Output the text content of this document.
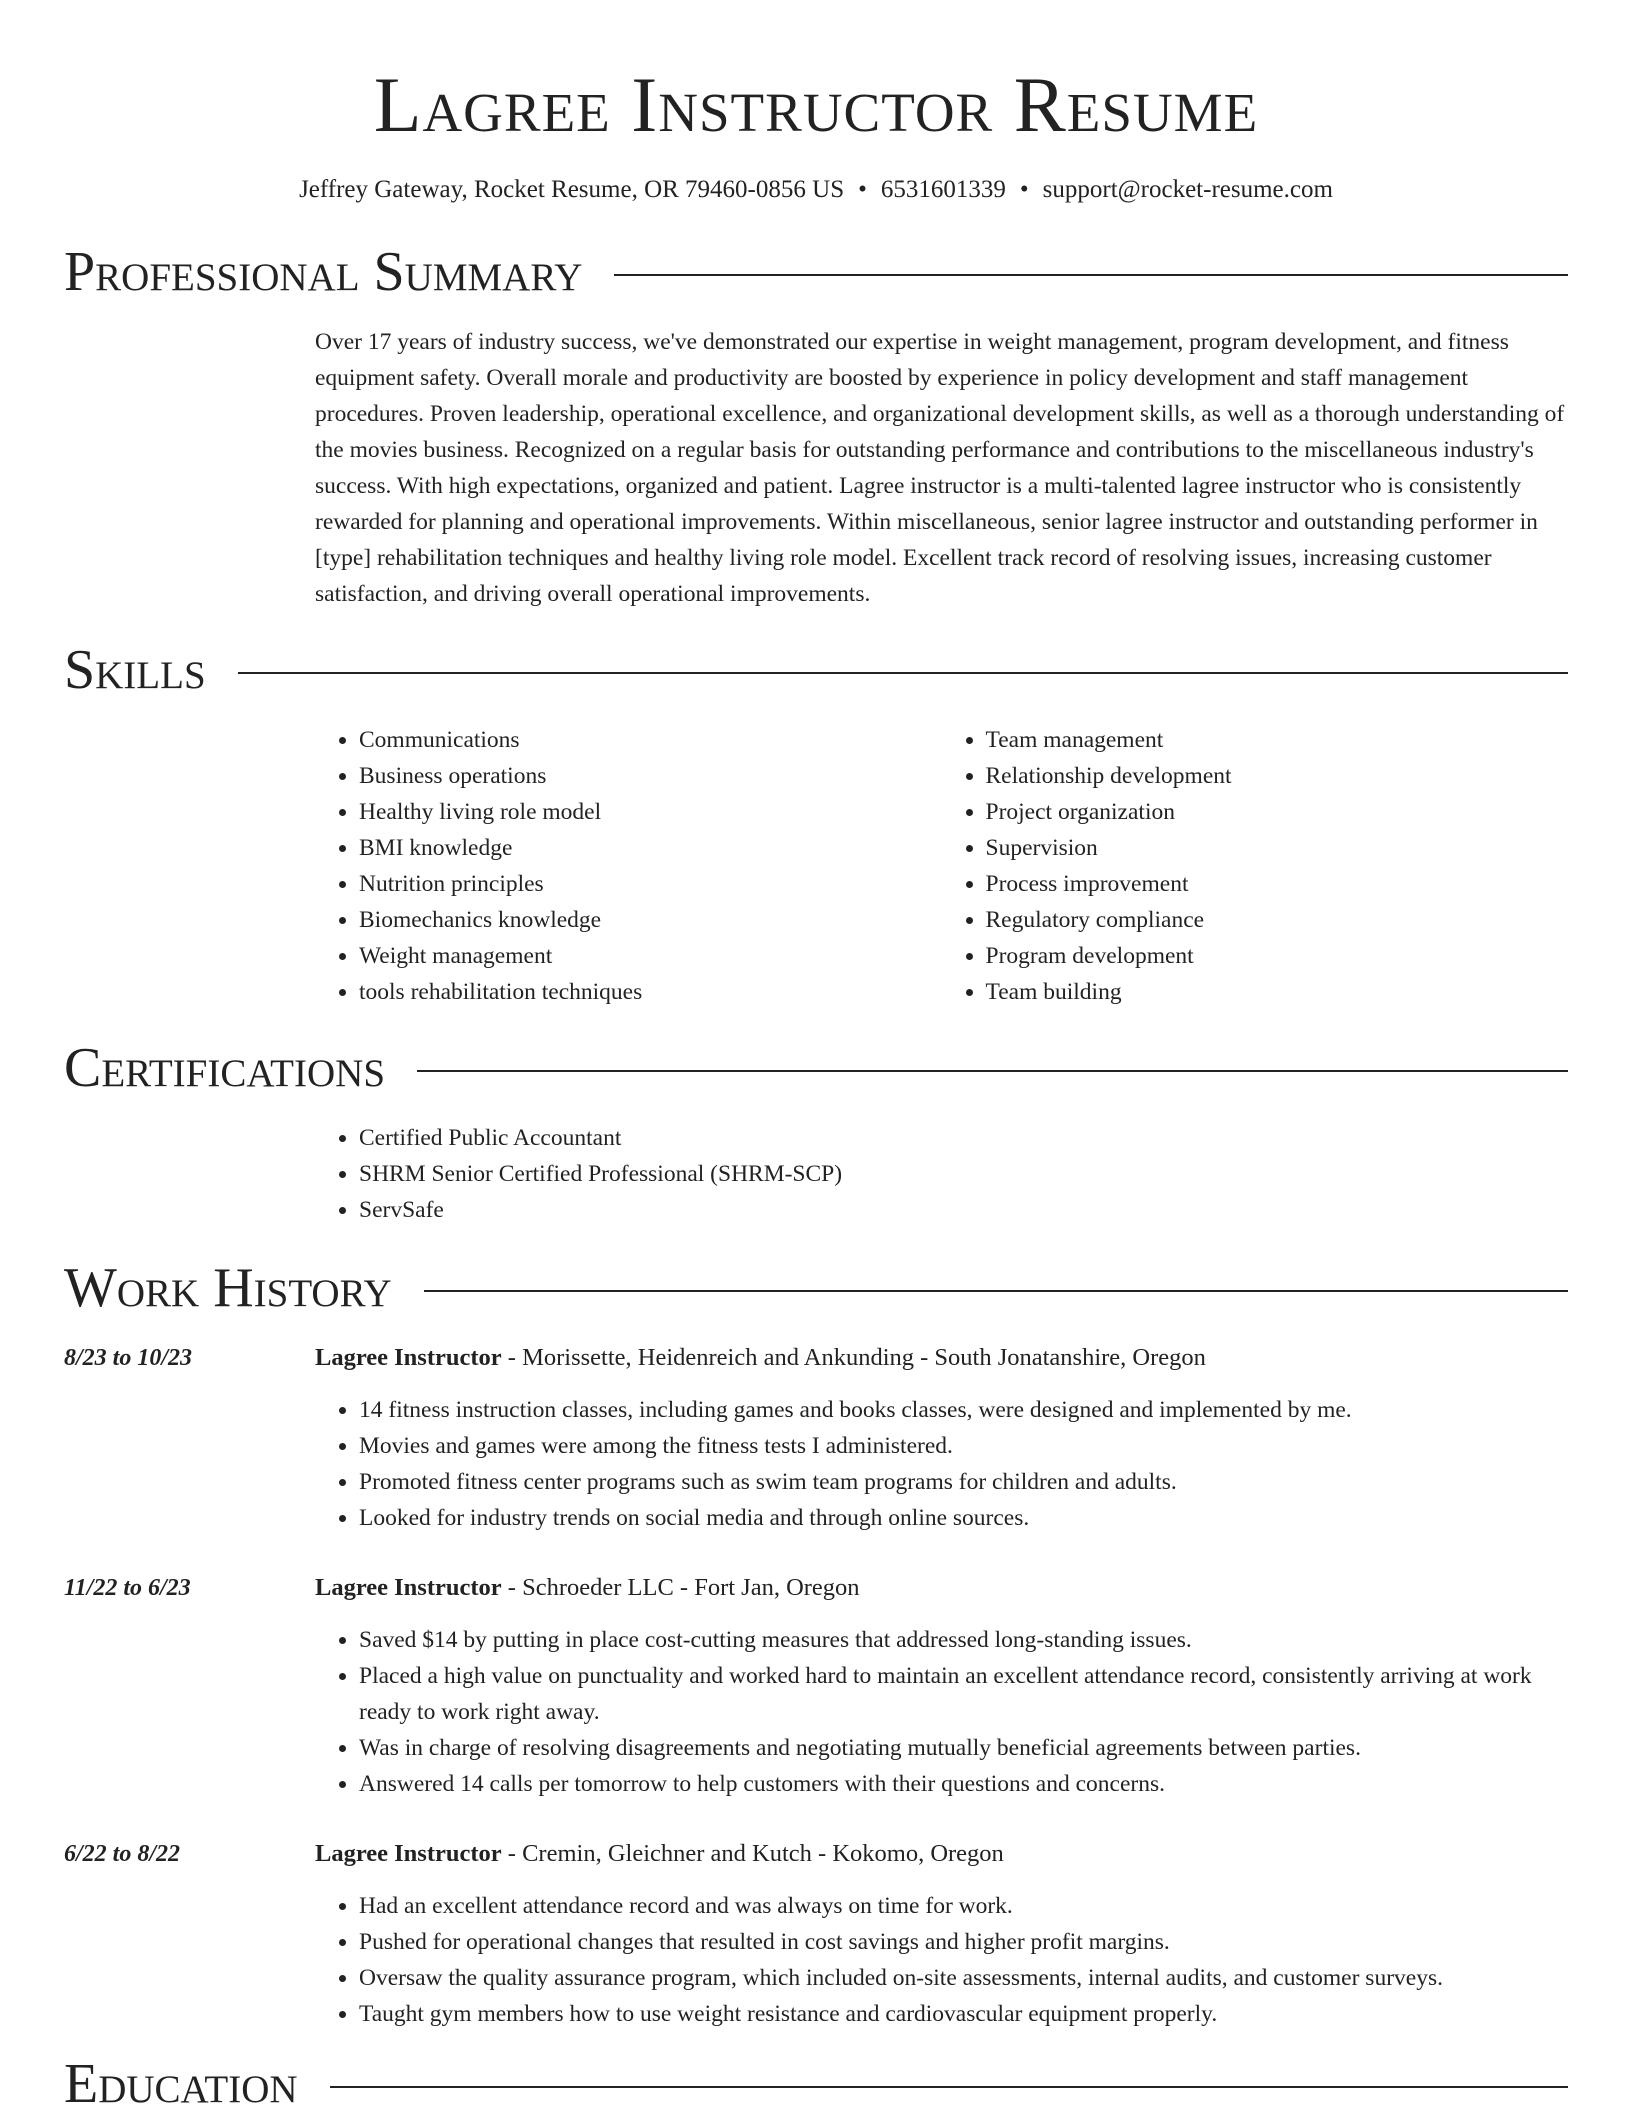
Lagree Instructor Resume
Jeffrey Gateway, Rocket Resume, OR 79460-0856 US • 6531601339 • support@rocket-resume.com
Professional Summary

Over 17 years of industry success, we've demonstrated our expertise in weight management, program development, and fitness equipment safety. Overall morale and productivity are boosted by experience in policy development and staff management procedures. Proven leadership, operational excellence, and organizational development skills, as well as a thorough understanding of the movies business. Recognized on a regular basis for outstanding performance and contributions to the miscellaneous industry's success. With high expectations, organized and patient. Lagree instructor is a multi-talented lagree instructor who is consistently rewarded for planning and operational improvements. Within miscellaneous, senior lagree instructor and outstanding performer in [type] rehabilitation techniques and healthy living role model. Excellent track record of resolving issues, increasing customer satisfaction, and driving overall operational improvements.

Skills
• Communications
• Business operations
• Healthy living role model
• BMI knowledge
• Nutrition principles
• Biomechanics knowledge
• Weight management
• tools rehabilitation techniques
• Team management
• Relationship development
• Project organization
• Supervision
• Process improvement
• Regulatory compliance
• Program development
• Team building
Certifications
• Certified Public Accountant
• SHRM Senior Certified Professional (SHRM-SCP)
• ServSafe
Work History
8/23 to 10/23	Lagree Instructor - Morissette, Heidenreich and Ankunding - South Jonatanshire, Oregon
• 14 fitness instruction classes, including games and books classes, were designed and implemented by me.
• Movies and games were among the fitness tests I administered.
• Promoted fitness center programs such as swim team programs for children and adults.
• Looked for industry trends on social media and through online sources.
11/22 to 6/23	Lagree Instructor - Schroeder LLC - Fort Jan, Oregon
• Saved $14 by putting in place cost-cutting measures that addressed long-standing issues.
• Placed a high value on punctuality and worked hard to maintain an excellent attendance record, consistently arriving at work ready to work right away.
• Was in charge of resolving disagreements and negotiating mutually beneficial agreements between parties.
• Answered 14 calls per tomorrow to help customers with their questions and concerns.
6/22 to 8/22	Lagree Instructor - Cremin, Gleichner and Kutch - Kokomo, Oregon
• Had an excellent attendance record and was always on time for work.
• Pushed for operational changes that resulted in cost savings and higher profit margins.
• Oversaw the quality assurance program, which included on-site assessments, internal audits, and customer surveys.
• Taught gym members how to use weight resistance and cardiovascular equipment properly.
Education
